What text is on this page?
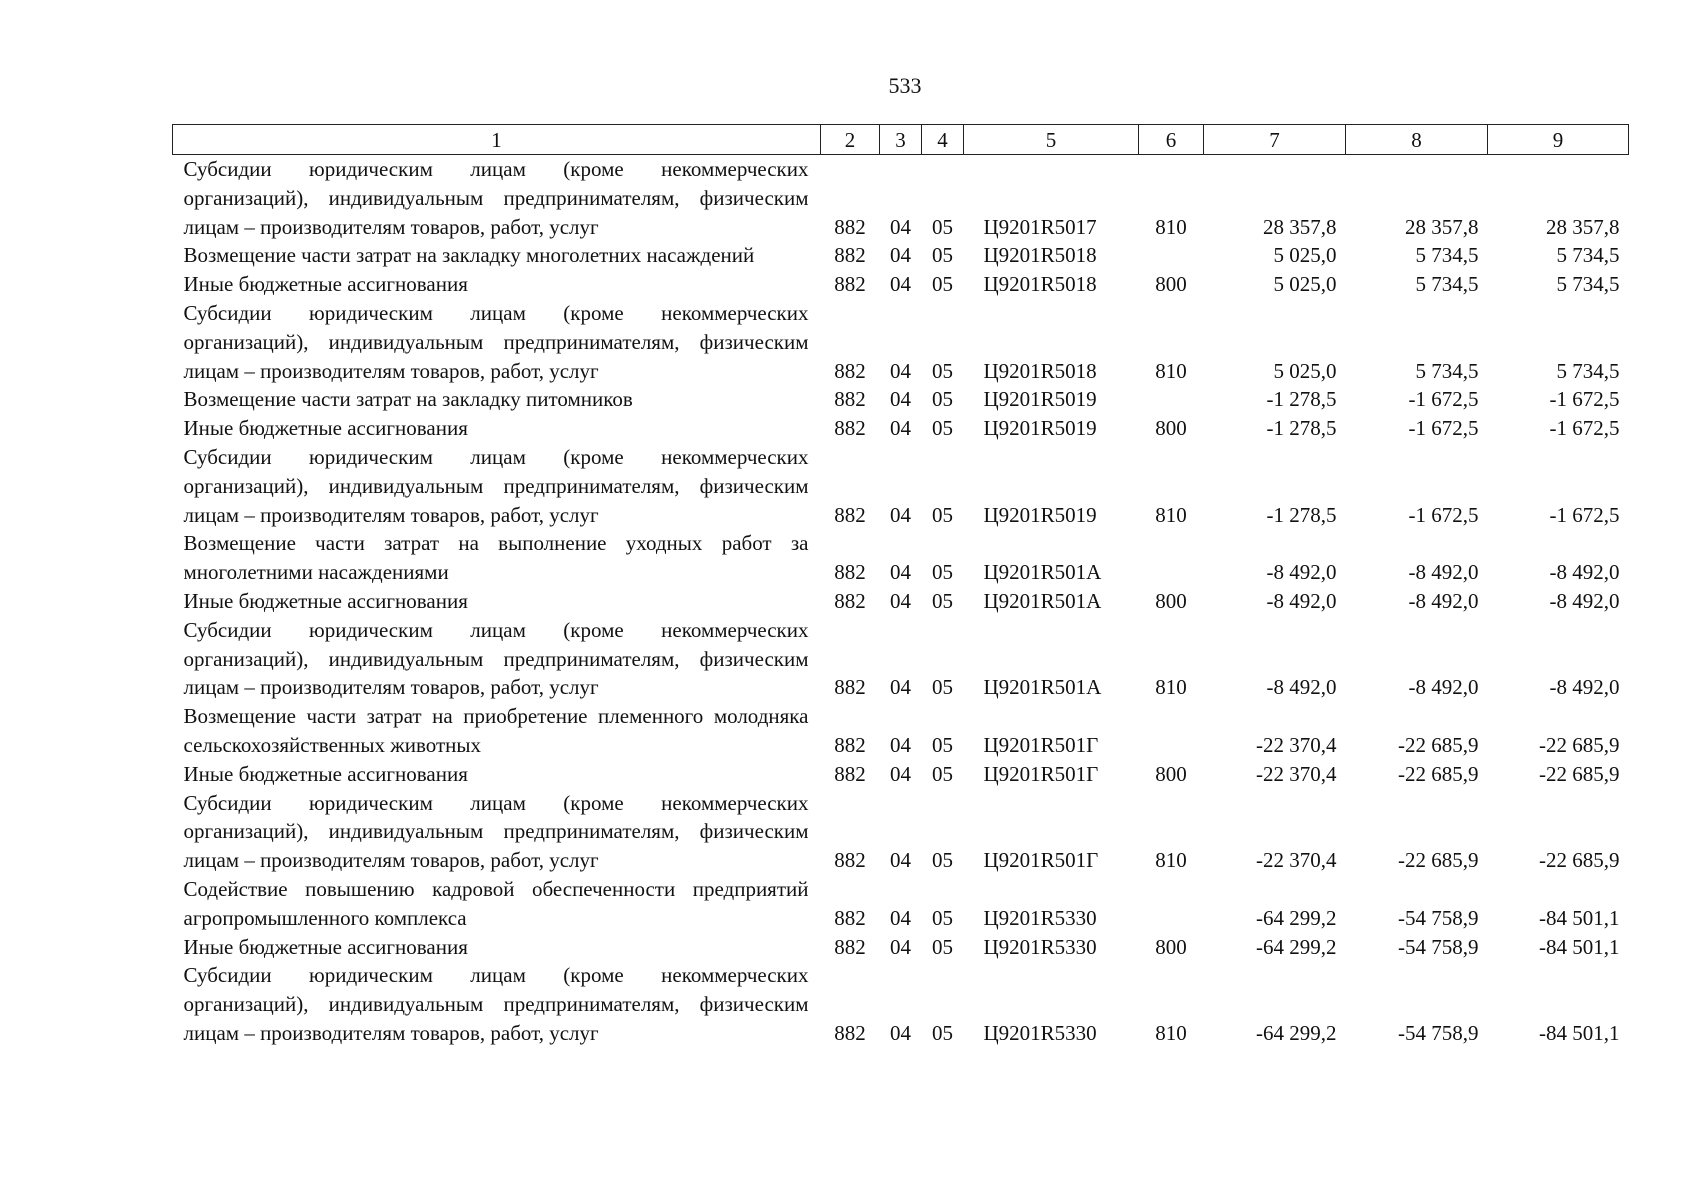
533
1	2	3	4	5	6	7	8	9
Субсидии юридическим лицам (кроме некоммерческих организаций), индивидуальным предпринимателям, физическим лицам – производителям товаров, работ, услуг	882	04	05	Ц9201R5017	810	28 357,8	28 357,8	28 357,8
Возмещение части затрат на закладку многолетних насаждений	882	04	05	Ц9201R5018		5 025,0	5 734,5	5 734,5
Иные бюджетные ассигнования	882	04	05	Ц9201R5018	800	5 025,0	5 734,5	5 734,5
Субсидии юридическим лицам (кроме некоммерческих организаций), индивидуальным предпринимателям, физическим лицам – производителям товаров, работ, услуг	882	04	05	Ц9201R5018	810	5 025,0	5 734,5	5 734,5
Возмещение части затрат на закладку питомников	882	04	05	Ц9201R5019		-1 278,5	-1 672,5	-1 672,5
Иные бюджетные ассигнования	882	04	05	Ц9201R5019	800	-1 278,5	-1 672,5	-1 672,5
Субсидии юридическим лицам (кроме некоммерческих организаций), индивидуальным предпринимателям, физическим лицам – производителям товаров, работ, услуг	882	04	05	Ц9201R5019	810	-1 278,5	-1 672,5	-1 672,5
Возмещение части затрат на выполнение уходных работ за многолетними насаждениями	882	04	05	Ц9201R501А		-8 492,0	-8 492,0	-8 492,0
Иные бюджетные ассигнования	882	04	05	Ц9201R501А	800	-8 492,0	-8 492,0	-8 492,0
Субсидии юридическим лицам (кроме некоммерческих организаций), индивидуальным предпринимателям, физическим лицам – производителям товаров, работ, услуг	882	04	05	Ц9201R501А	810	-8 492,0	-8 492,0	-8 492,0
Возмещение части затрат на приобретение племенного молодняка сельскохозяйственных животных	882	04	05	Ц9201R501Г		-22 370,4	-22 685,9	-22 685,9
Иные бюджетные ассигнования	882	04	05	Ц9201R501Г	800	-22 370,4	-22 685,9	-22 685,9
Субсидии юридическим лицам (кроме некоммерческих организаций), индивидуальным предпринимателям, физическим лицам – производителям товаров, работ, услуг	882	04	05	Ц9201R501Г	810	-22 370,4	-22 685,9	-22 685,9
Содействие повышению кадровой обеспеченности предприятий агропромышленного комплекса	882	04	05	Ц9201R5330		-64 299,2	-54 758,9	-84 501,1
Иные бюджетные ассигнования	882	04	05	Ц9201R5330	800	-64 299,2	-54 758,9	-84 501,1
Субсидии юридическим лицам (кроме некоммерческих организаций), индивидуальным предпринимателям, физическим лицам – производителям товаров, работ, услуг	882	04	05	Ц9201R5330	810	-64 299,2	-54 758,9	-84 501,1
